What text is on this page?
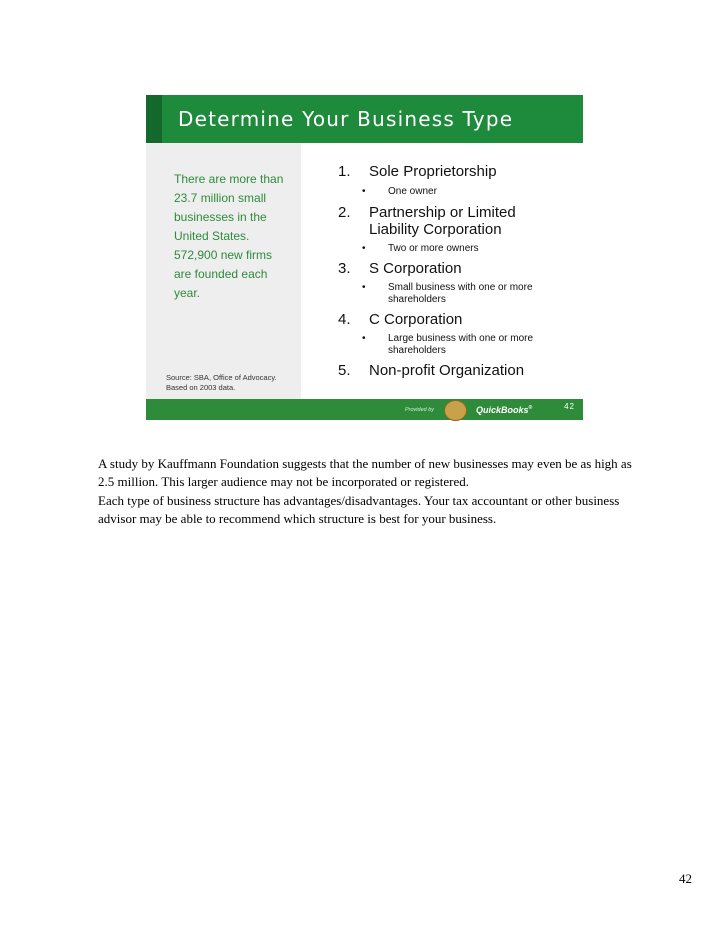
Determine Your Business Type
There are more than
23.7 million small
businesses in the
United States.
572,900 new firms
are founded each
year.
Source: SBA, Office of Advocacy.
Based on 2003 data.
1. Sole Proprietorship
• One owner
2. Partnership or Limited Liability Corporation
• Two or more owners
3. S Corporation
• Small business with one or more shareholders
4. C Corporation
• Large business with one or more shareholders
5. Non-profit Organization
42
Provided by	QuickBooks®

A study by Kauffmann Foundation suggests that the number of new businesses may even be as high as 2.5 million. This larger audience may not be incorporated or registered.

Each type of business structure has advantages/disadvantages. Your tax accountant or other business advisor may be able to recommend which structure is best for your business.

42
